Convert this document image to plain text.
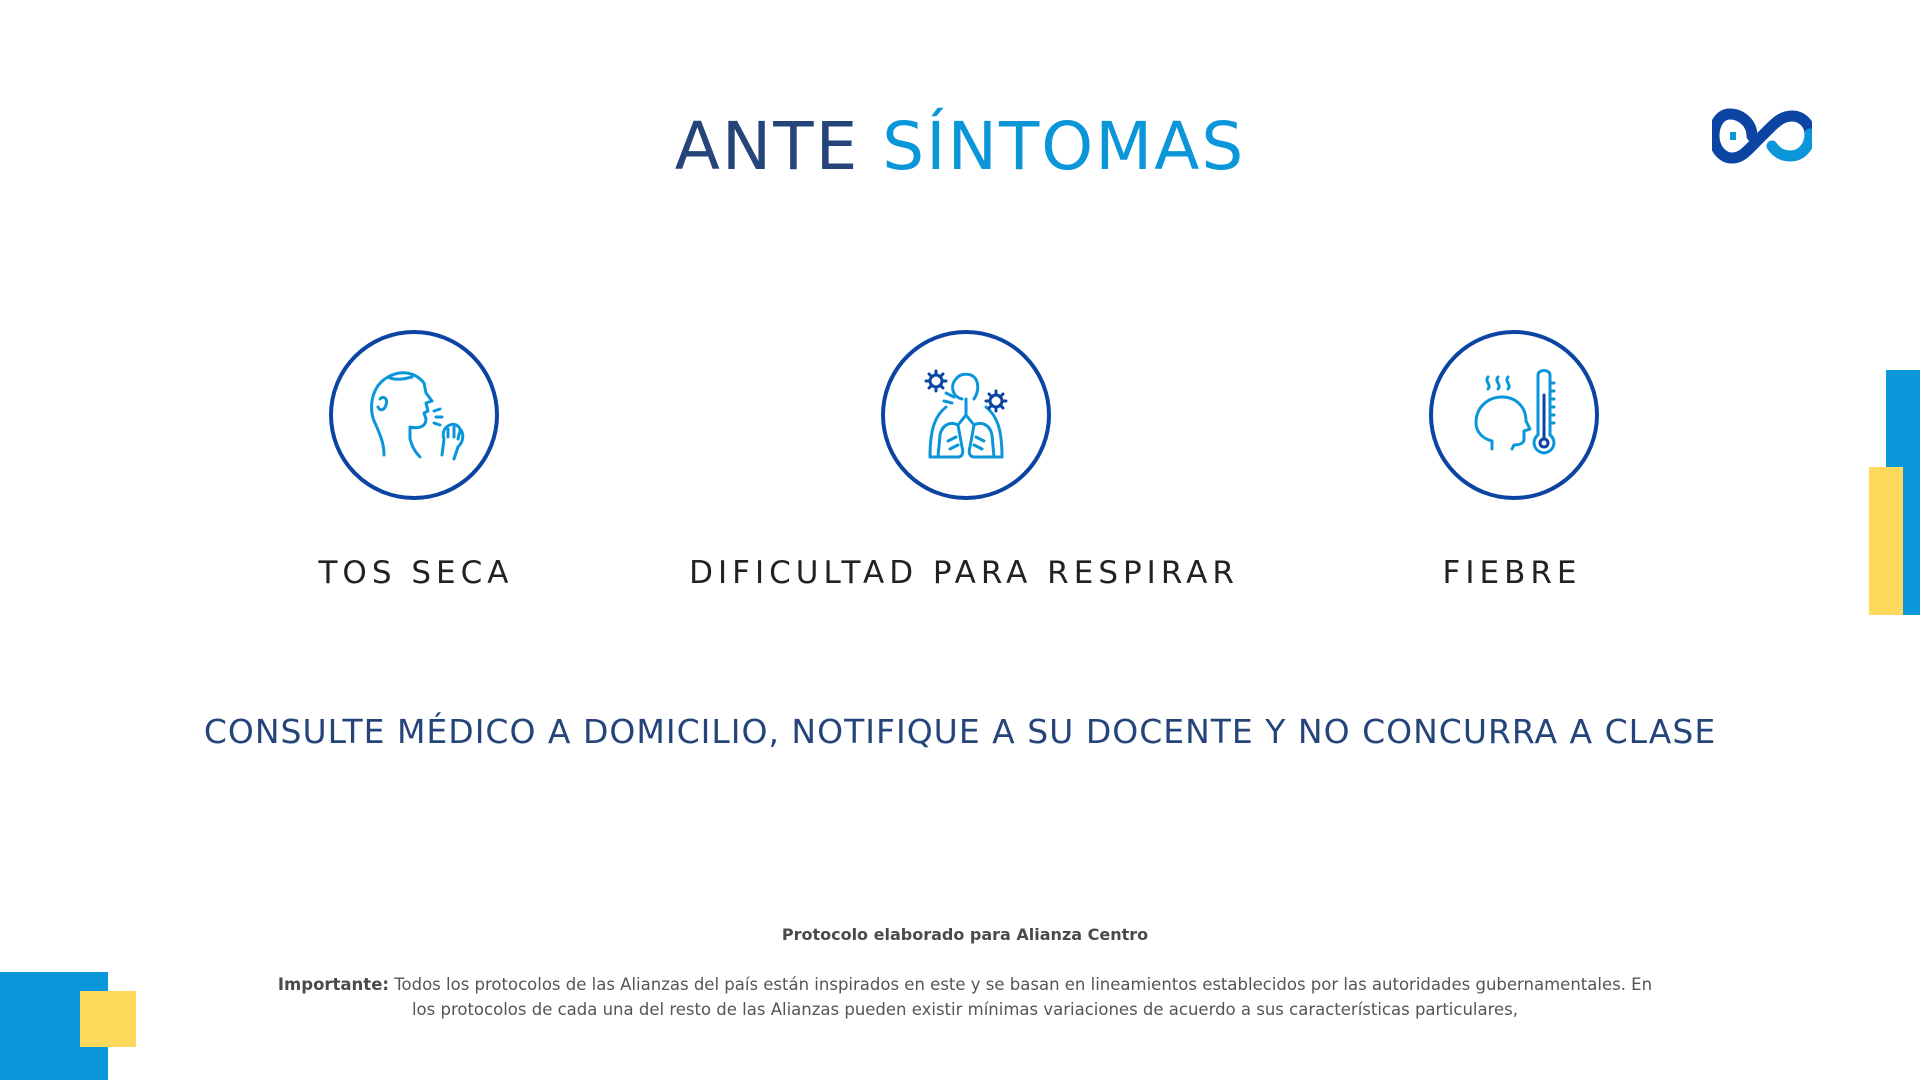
ANTE SÍNTOMAS
TOS SECA	DIFICULTAD PARA RESPIRAR	FIEBRE

CONSULTE MÉDICO A DOMICILIO, NOTIFIQUE A SU DOCENTE Y NO CONCURRA A CLASE

Protocolo elaborado para Alianza Centro
Importante: Todos los protocolos de las Alianzas del país están inspirados en este y se basan en lineamientos establecidos por las autoridades gubernamentales. En los protocolos de cada una del resto de las Alianzas pueden existir mínimas variaciones de acuerdo a sus características particulares,
